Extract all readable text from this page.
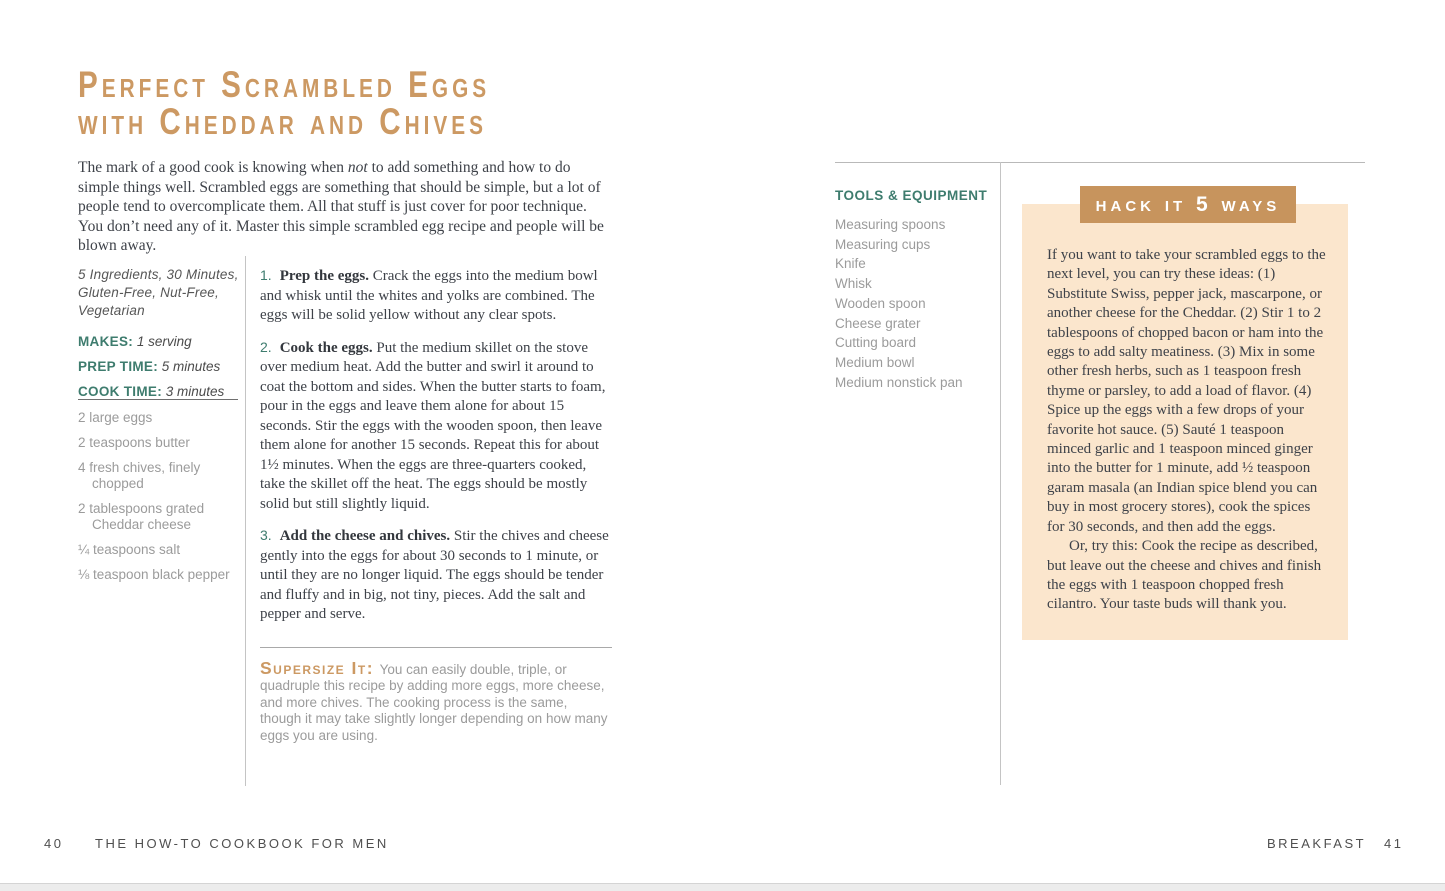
Perfect Scrambled Eggs
with Cheddar and Chives

The mark of a good cook is knowing when not to add something and how to do simple things well. Scrambled eggs are something that should be simple, but a lot of people tend to overcomplicate them. All that stuff is just cover for poor technique. You don’t need any of it. Master this simple scrambled egg recipe and people will be blown away.

5 Ingredients, 30 Minutes, Gluten-Free, Nut-Free, Vegetarian

MAKES: 1 serving

PREP TIME: 5 minutes

COOK TIME: 3 minutes

2 large eggs
2 teaspoons butter
4 fresh chives, finely chopped
2 tablespoons grated Cheddar cheese
¼ teaspoons salt
⅛ teaspoon black pepper

1. Prep the eggs. Crack the eggs into the medium bowl and whisk until the whites and yolks are combined. The eggs will be solid yellow without any clear spots.

2. Cook the eggs. Put the medium skillet on the stove over medium heat. Add the butter and swirl it around to coat the bottom and sides. When the butter starts to foam, pour in the eggs and leave them alone for about 15 seconds. Stir the eggs with the wooden spoon, then leave them alone for another 15 seconds. Repeat this for about 1½ minutes. When the eggs are three-quarters cooked, take the skillet off the heat. The eggs should be mostly solid but still slightly liquid.

3. Add the cheese and chives. Stir the chives and cheese gently into the eggs for about 30 seconds to 1 minute, or until they are no longer liquid. The eggs should be tender and fluffy and in big, not tiny, pieces. Add the salt and pepper and serve.

Supersize It: You can easily double, triple, or quadruple this recipe by adding more eggs, more cheese, and more chives. The cooking process is the same, though it may take slightly longer depending on how many eggs you are using.

TOOLS & EQUIPMENT
Measuring spoons
Measuring cups
Knife
Whisk
Wooden spoon
Cheese grater
Cutting board
Medium bowl
Medium nonstick pan

If you want to take your scrambled eggs to the next level, you can try these ideas: (1) Substitute Swiss, pepper jack, mascarpone, or another cheese for the Cheddar. (2) Stir 1 to 2 tablespoons of chopped bacon or ham into the eggs to add salty meatiness. (3) Mix in some other fresh herbs, such as 1 teaspoon fresh thyme or parsley, to add a load of flavor. (4) Spice up the eggs with a few drops of your favorite hot sauce. (5) Sauté 1 teaspoon minced garlic and 1 teaspoon minced ginger into the butter for 1 minute, add ½ teaspoon garam masala (an Indian spice blend you can buy in most grocery stores), cook the spices for 30 seconds, and then add the eggs.

Or, try this: Cook the recipe as described, but leave out the cheese and chives and finish the eggs with 1 teaspoon chopped fresh cilantro. Your taste buds will thank you.

hack it 5 ways
40 THE HOW-TO COOKBOOK FOR MEN	BREAKFAST 41
